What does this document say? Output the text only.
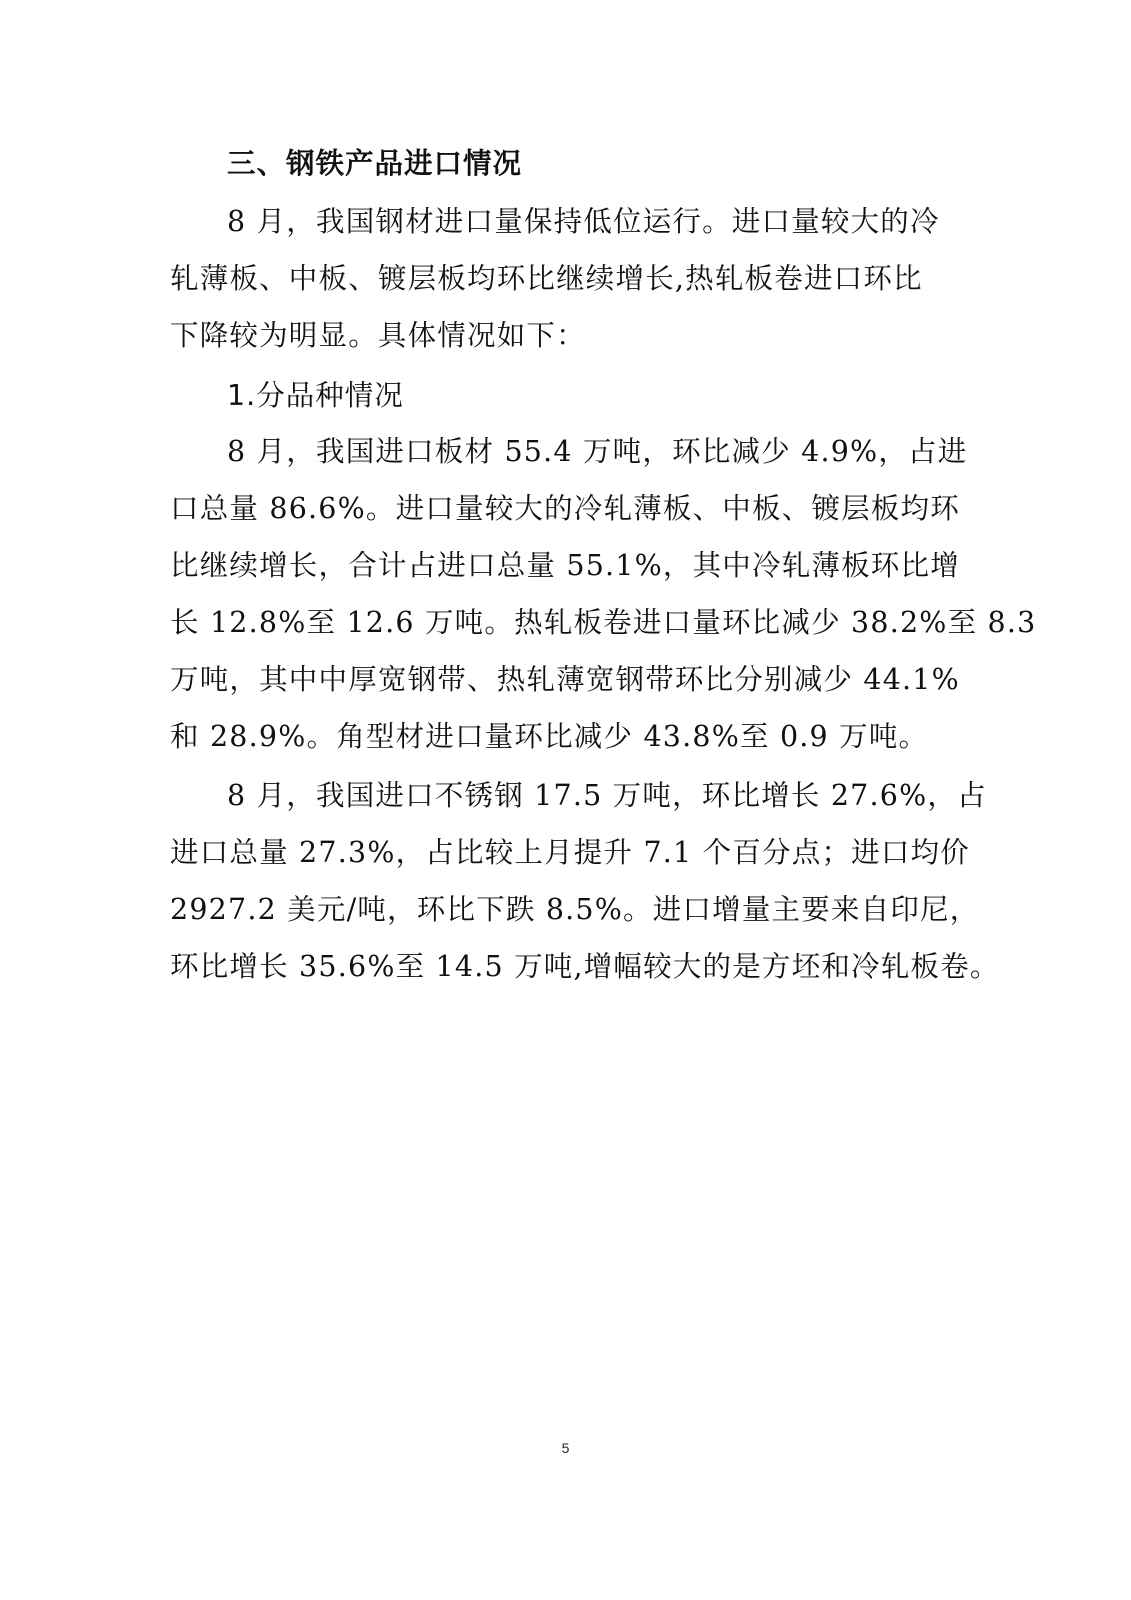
三、钢铁产品进口情况
8 月，我国钢材进口量保持低位运行。进口量较大的冷
轧薄板、中板、镀层板均环比继续增长,热轧板卷进口环比
下降较为明显。具体情况如下：
1.分品种情况
8 月，我国进口板材 55.4 万吨，环比减少 4.9%，占进
口总量 86.6%。进口量较大的冷轧薄板、中板、镀层板均环
比继续增长，合计占进口总量 55.1%，其中冷轧薄板环比增
长 12.8%至 12.6 万吨。热轧板卷进口量环比减少 38.2%至 8.3
万吨，其中中厚宽钢带、热轧薄宽钢带环比分别减少 44.1%
和 28.9%。角型材进口量环比减少 43.8%至 0.9 万吨。
8 月，我国进口不锈钢 17.5 万吨，环比增长 27.6%，占
进口总量 27.3%，占比较上月提升 7.1 个百分点；进口均价
2927.2 美元/吨，环比下跌 8.5%。进口增量主要来自印尼，
环比增长 35.6%至 14.5 万吨,增幅较大的是方坯和冷轧板卷。
5
